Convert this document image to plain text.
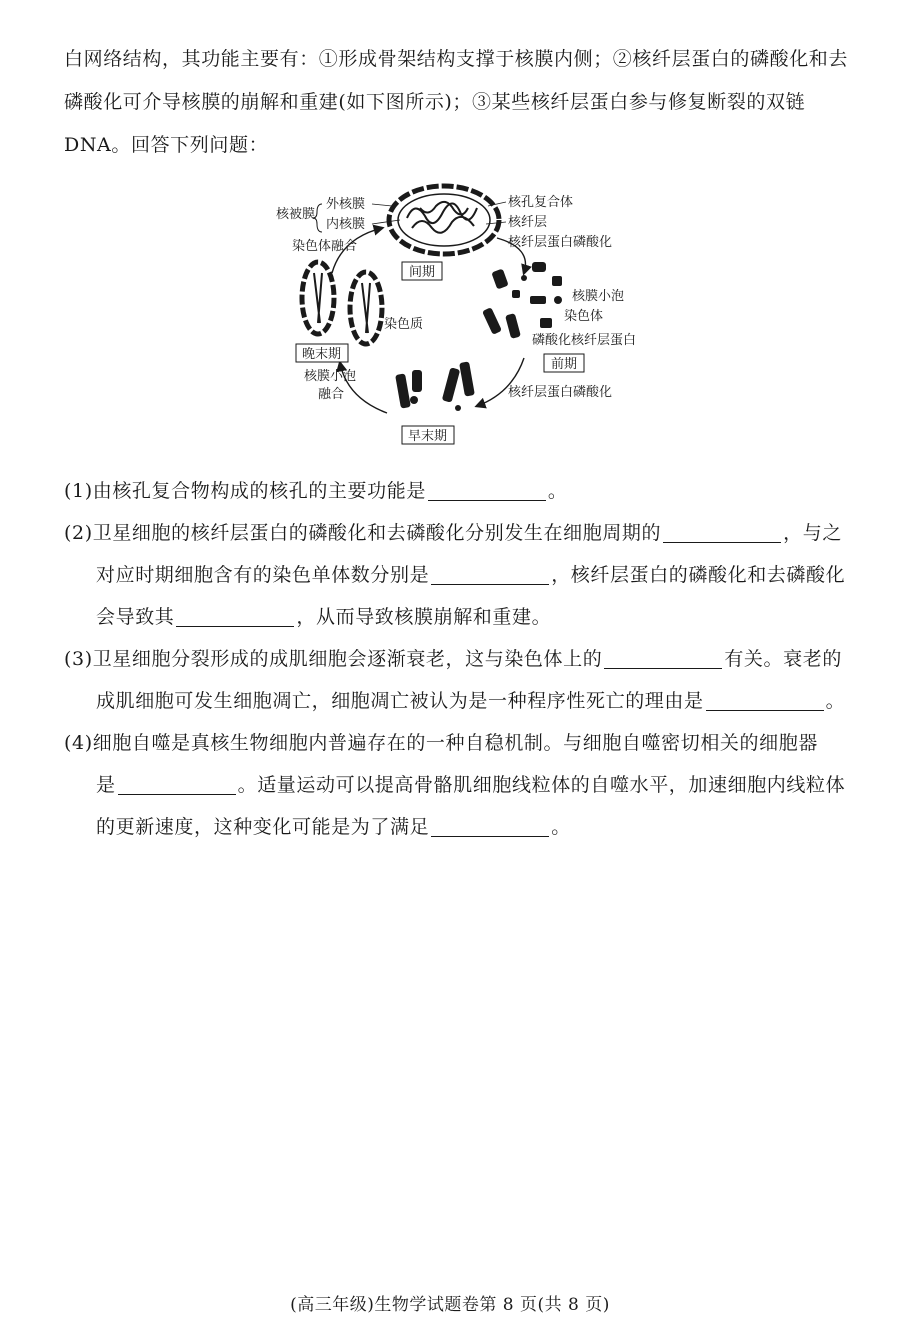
白网络结构，其功能主要有：①形成骨架结构支撑于核膜内侧；②核纤层蛋白的磷酸化和去

磷酸化可介导核膜的崩解和重建(如下图所示)；③某些核纤层蛋白参与修复断裂的双链

DNA。回答下列问题：

间期
核被膜
外核膜
内核膜
染色体融合
核孔复合体
核纤层
核纤层蛋白磷酸化
核膜小泡
染色体
磷酸化核纤层蛋白
前期
染色质
晚末期
核膜小泡
融合	核纤层蛋白磷酸化
早末期

(1)由核孔复合物构成的核孔的主要功能是	。

(2)卫星细胞的核纤层蛋白的磷酸化和去磷酸化分别发生在细胞周期的	，与之

对应时期细胞含有的染色单体数分别是	，核纤层蛋白的磷酸化和去磷酸化

会导致其	，从而导致核膜崩解和重建。

(3)卫星细胞分裂形成的成肌细胞会逐渐衰老，这与染色体上的	有关。衰老的

成肌细胞可发生细胞凋亡，细胞凋亡被认为是一种程序性死亡的理由是	。

(4)细胞自噬是真核生物细胞内普遍存在的一种自稳机制。与细胞自噬密切相关的细胞器

是	。适量运动可以提高骨骼肌细胞线粒体的自噬水平，加速细胞内线粒体

的更新速度，这种变化可能是为了满足	。

(高三年级)生物学试题卷第 8 页(共 8 页)
